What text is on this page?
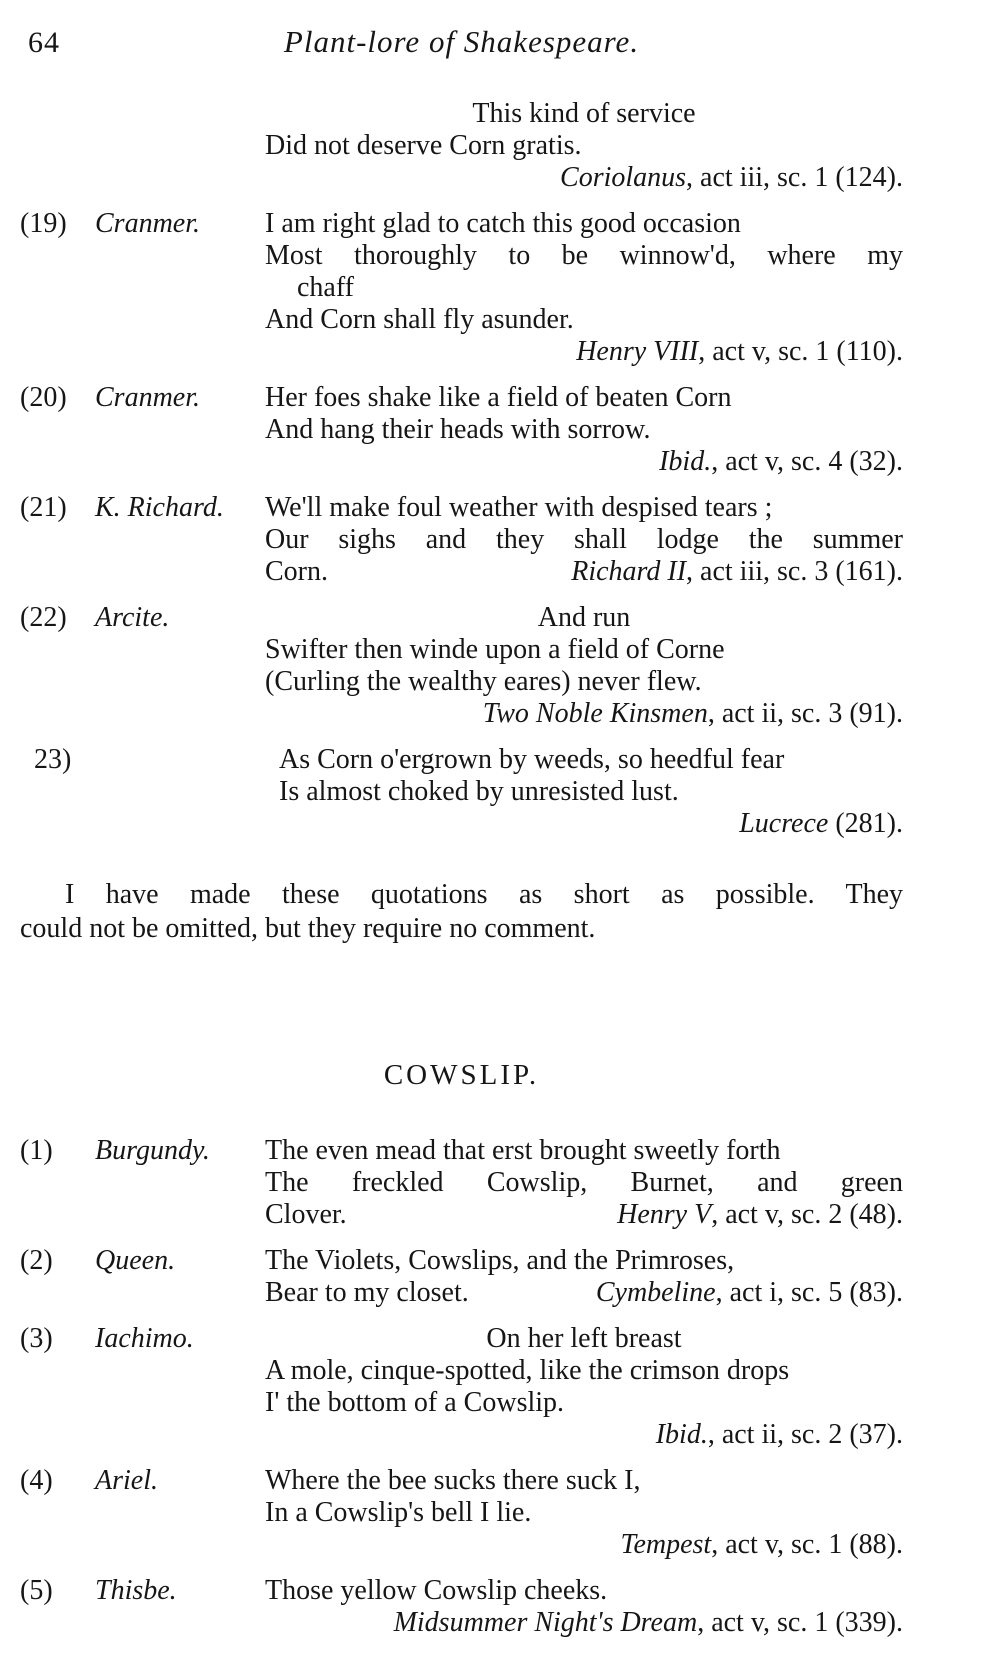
64	Plant-lore of Shakespeare.
This kind of service
Did not deserve Corn gratis.
Coriolanus, act iii, sc. 1 (124).
(19)	Cranmer.	I am right glad to catch this good occasion
Most thoroughly to be winnow'd, where my
chaff
And Corn shall fly asunder.
Henry VIII, act v, sc. 1 (110).
(20)	Cranmer.	Her foes shake like a field of beaten Corn
And hang their heads with sorrow.
Ibid., act v, sc. 4 (32).
(21)	K. Richard.	We'll make foul weather with despised tears ;
Our sighs and they shall lodge the summer
Corn.	Richard II, act iii, sc. 3 (161).
(22)	Arcite.	And run
Swifter then winde upon a field of Corne
(Curling the wealthy eares) never flew.
Two Noble Kinsmen, act ii, sc. 3 (91).
23)	As Corn o'ergrown by weeds, so heedful fear
Is almost choked by unresisted lust.
Lucrece (281).
I have made these quotations as short as possible. They
could not be omitted, but they require no comment.
COWSLIP.
(1)	Burgundy.	The even mead that erst brought sweetly forth
The freckled Cowslip, Burnet, and green
Clover.	Henry V, act v, sc. 2 (48).
(2)	Queen.	The Violets, Cowslips, and the Primroses,
Bear to my closet.	Cymbeline, act i, sc. 5 (83).
(3)	Iachimo.	On her left breast
A mole, cinque-spotted, like the crimson drops
I' the bottom of a Cowslip.
Ibid., act ii, sc. 2 (37).
(4)	Ariel.	Where the bee sucks there suck I,
In a Cowslip's bell I lie.
Tempest, act v, sc. 1 (88).
(5)	Thisbe.	Those yellow Cowslip cheeks.
Midsummer Night's Dream, act v, sc. 1 (339).
